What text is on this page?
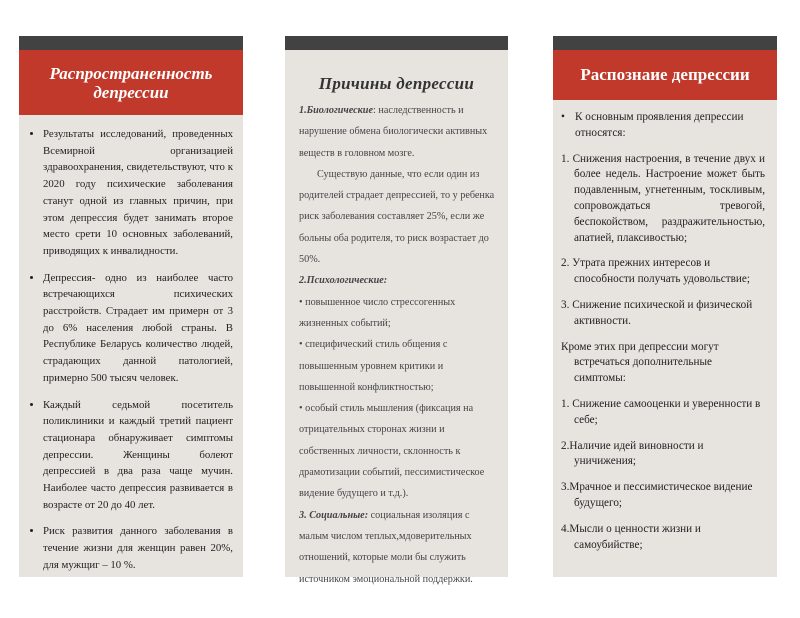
Распространенность депрессии
• Результаты исследований, проведенных Всемирной организацией здравоохранения, свидетельствуют, что к 2020 году психические заболевания станут одной из главных причин, при этом депрессия будет занимать второе место срети 10 основных заболеваний, приводящих к инвалидности.
• Депрессия- одно из наиболее часто встречающихся психических расстройств. Страдает им примерн от 3 до 6% населения любой страны. В Республике Беларусь количество людей, страдающих данной патологией, примерно 500 тысяч человек.
• Каждый седьмой посетитель поликлиники и каждый третий пациент стационара обнаруживает симптомы депрессии. Женщины болеют депрессией в два раза чаще мучин. Наиболее часто депрессия развивается в возрасте от 20 до 40 лет.
• Риск развития данного заболевания в течение жизни для женщин равен 20%, для мужщиг – 10 %.
Причины депрессии

1.Биологические: наследственность и нарушение обмена биологически активных веществ в головном мозге.

Существую данные, что если один из родителей страдает депрессией, то у ребенка риск заболевания составляет 25%, если же больны оба родителя, то риск возрастает до 50%.

2.Психологические:

• повышенное число стрессогенных жизненных событий;

• специфический стиль общения с повышенным уровнем критики и повышенной конфликтностью;

• особый стиль мышления (фиксация на отрицательных сторонах жизни и собственных личности, склонность к драмотизации событий, пессимистическое видение будущего и т.д.).

3. Социальные: социальная изоляция с малым числом теплых,мдоверительных отношений, которые моли бы служить источником эмоциональной поддержки.

Распознаие депрессии

• К основным проявления депрессии относятся:

1. Снижения настроения, в течение двух и более недель. Настроение может быть подавленным, угнетенным, тоскливым, сопровождаться тревогой, беспокойством, раздражительностью, апатией, плаксивостью;

2. Утрата прежних интересов и способности получать удовольствие;

3. Снижение психической и физической активности.

Кроме этих при депрессии могут встречаться дополнительные симптомы:

1. Снижение самооценки и уверенности в себе;

2.Наличие идей виновности и уничижения;

3.Мрачное и пессимистическое видение будущего;

4.Мысли о ценности жизни и самоубийстве;
